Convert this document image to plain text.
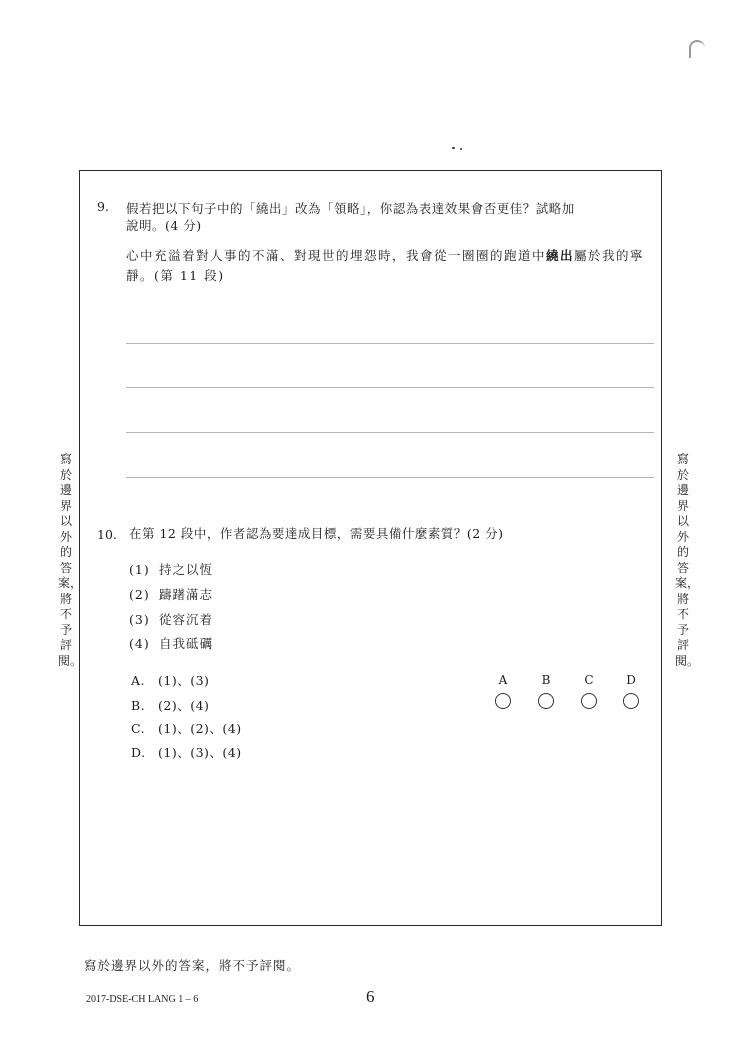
9. 假若把以下句子中的「繞出」改為「領略」，你認為表達效果會否更佳？試略加
說明。(4 分)
心中充溢着對人事的不滿、對現世的埋怨時，我會從一圈圈的跑道中繞出屬於我的寧靜。(第 11 段)
10. 在第 12 段中，作者認為要達成目標，需要具備什麼素質？(2 分)
(1) 持之以恆
(2) 躊躇滿志
(3) 從容沉着
(4) 自我砥礪
A. (1)、(3)
B. (2)、(4)
C. (1)、(2)、(4)
D. (1)、(3)、(4)
A	B	C	D
寫於邊界以外的答案，將不予評閱。
寫於邊界以外的答案，將不予評閱。
寫於邊界以外的答案，將不予評閱。
2017-DSE-CH LANG 1 – 6	6
